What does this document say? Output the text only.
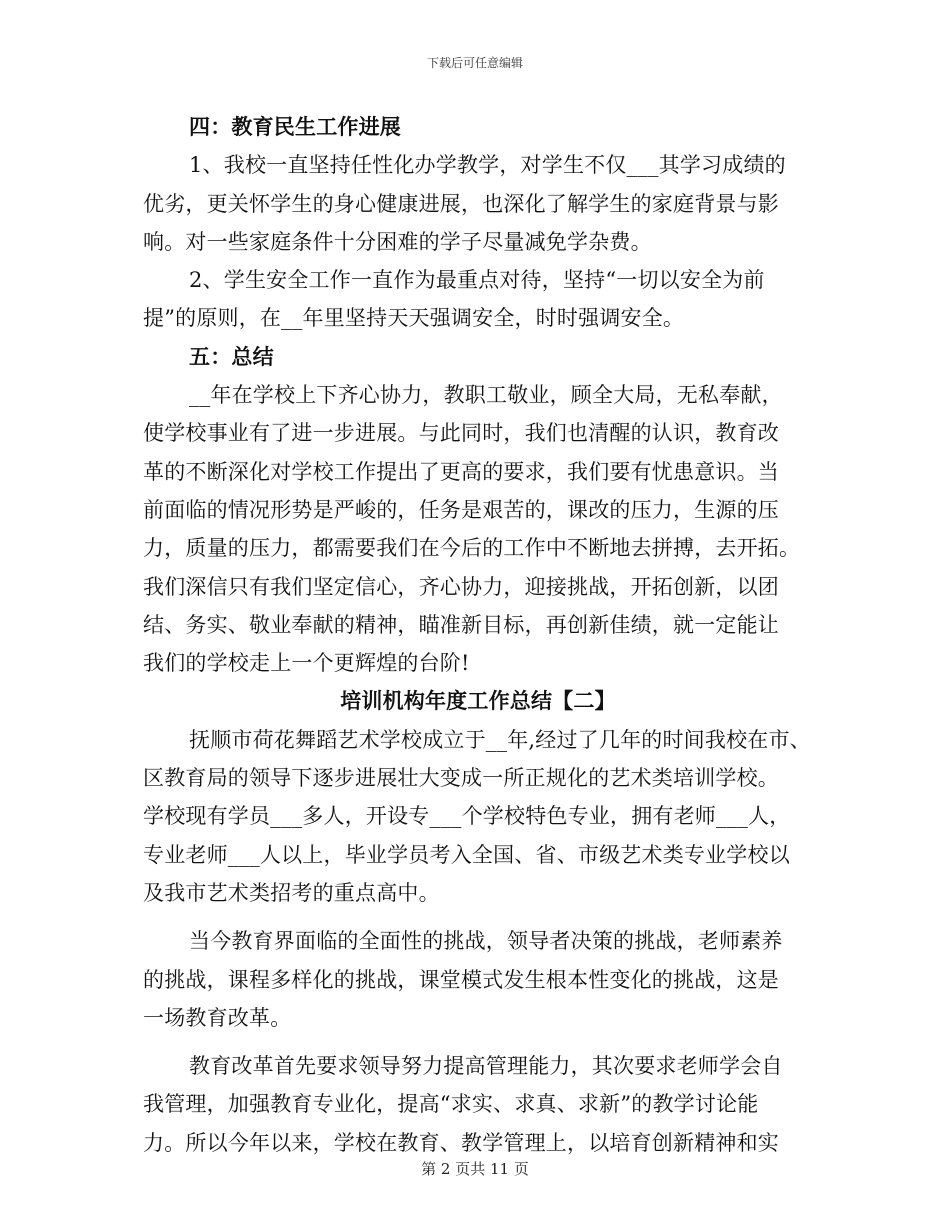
下载后可任意编辑
四：教育民生工作进展
1、我校一直坚持任性化办学教学，对学生不仅___其学习成绩的
优劣，更关怀学生的身心健康进展，也深化了解学生的家庭背景与影
响。对一些家庭条件十分困难的学子尽量减免学杂费。
2、学生安全工作一直作为最重点对待，坚持“一切以安全为前
提”的原则，在__年里坚持天天强调安全，时时强调安全。
五：总结
__年在学校上下齐心协力，教职工敬业，顾全大局，无私奉献，
使学校事业有了进一步进展。与此同时，我们也清醒的认识，教育改
革的不断深化对学校工作提出了更高的要求，我们要有忧患意识。当
前面临的情况形势是严峻的，任务是艰苦的，课改的压力，生源的压
力，质量的压力，都需要我们在今后的工作中不断地去拼搏，去开拓。
我们深信只有我们坚定信心，齐心协力，迎接挑战，开拓创新，以团
结、务实、敬业奉献的精神，瞄准新目标，再创新佳绩，就一定能让
我们的学校走上一个更辉煌的台阶!
培训机构年度工作总结【二】
抚顺市荷花舞蹈艺术学校成立于__年,经过了几年的时间我校在市、
区教育局的领导下逐步进展壮大变成一所正规化的艺术类培训学校。
学校现有学员___多人，开设专___个学校特色专业，拥有老师___人，
专业老师___人以上，毕业学员考入全国、省、市级艺术类专业学校以
及我市艺术类招考的重点高中。
当今教育界面临的全面性的挑战，领导者决策的挑战，老师素养
的挑战，课程多样化的挑战，课堂模式发生根本性变化的挑战，这是
一场教育改革。
教育改革首先要求领导努力提高管理能力，其次要求老师学会自
我管理，加强教育专业化，提高“求实、求真、求新”的教学讨论能
力。所以今年以来，学校在教育、教学管理上，以培育创新精神和实
第 2 页共 11 页
